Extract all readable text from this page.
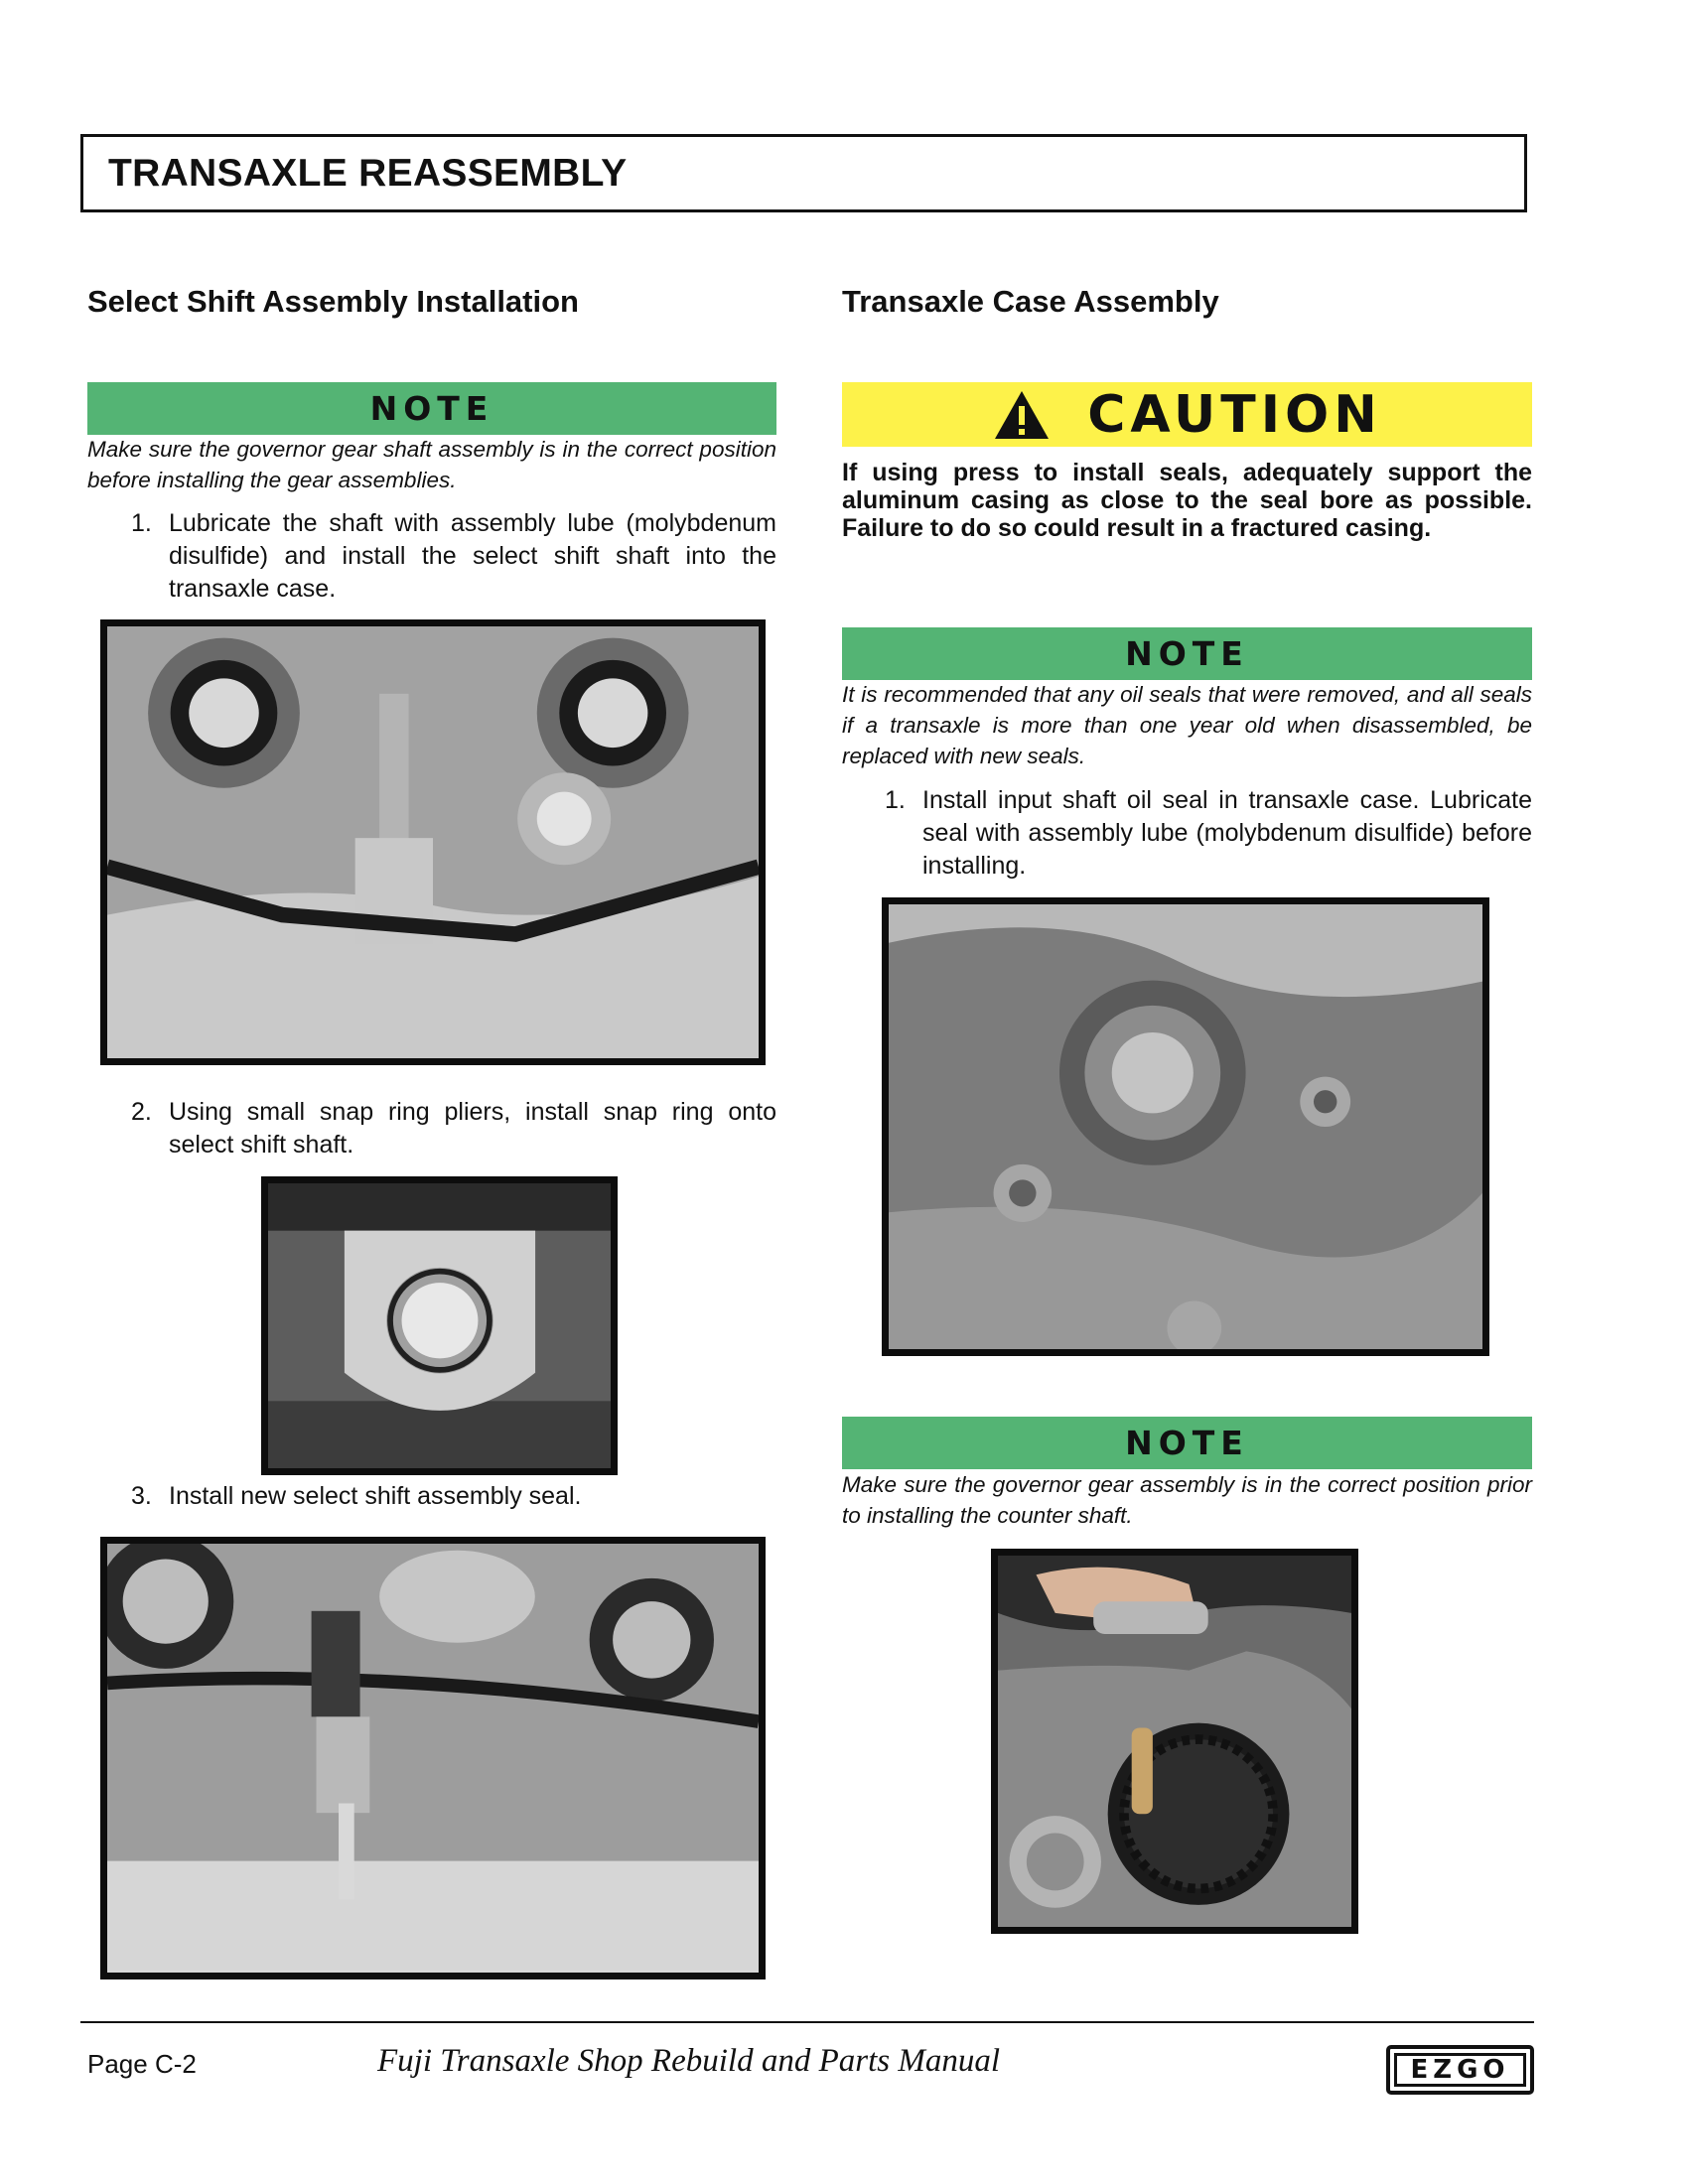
TRANSAXLE REASSEMBLY
Select Shift Assembly Installation
NOTE
Make sure the governor gear shaft assembly is in the correct position before installing the gear assemblies.
1. Lubricate the shaft with assembly lube (molybdenum disulfide) and install the select shift shaft into the transaxle case.
2. Using small snap ring pliers, install snap ring onto select shift shaft.
3. Install new select shift assembly seal.
Transaxle Case Assembly
CAUTION
If using press to install seals, adequately support the aluminum casing as close to the seal bore as possible. Failure to do so could result in a fractured casing.
NOTE
It is recommended that any oil seals that were removed, and all seals if a transaxle is more than one year old when disassembled, be replaced with new seals.
1. Install input shaft oil seal in transaxle case. Lubricate seal with assembly lube (molybdenum disulfide) before installing.
NOTE
Make sure the governor gear assembly is in the correct position prior to installing the counter shaft.
Page C-2	Fuji Transaxle Shop Rebuild and Parts Manual	EZGO
